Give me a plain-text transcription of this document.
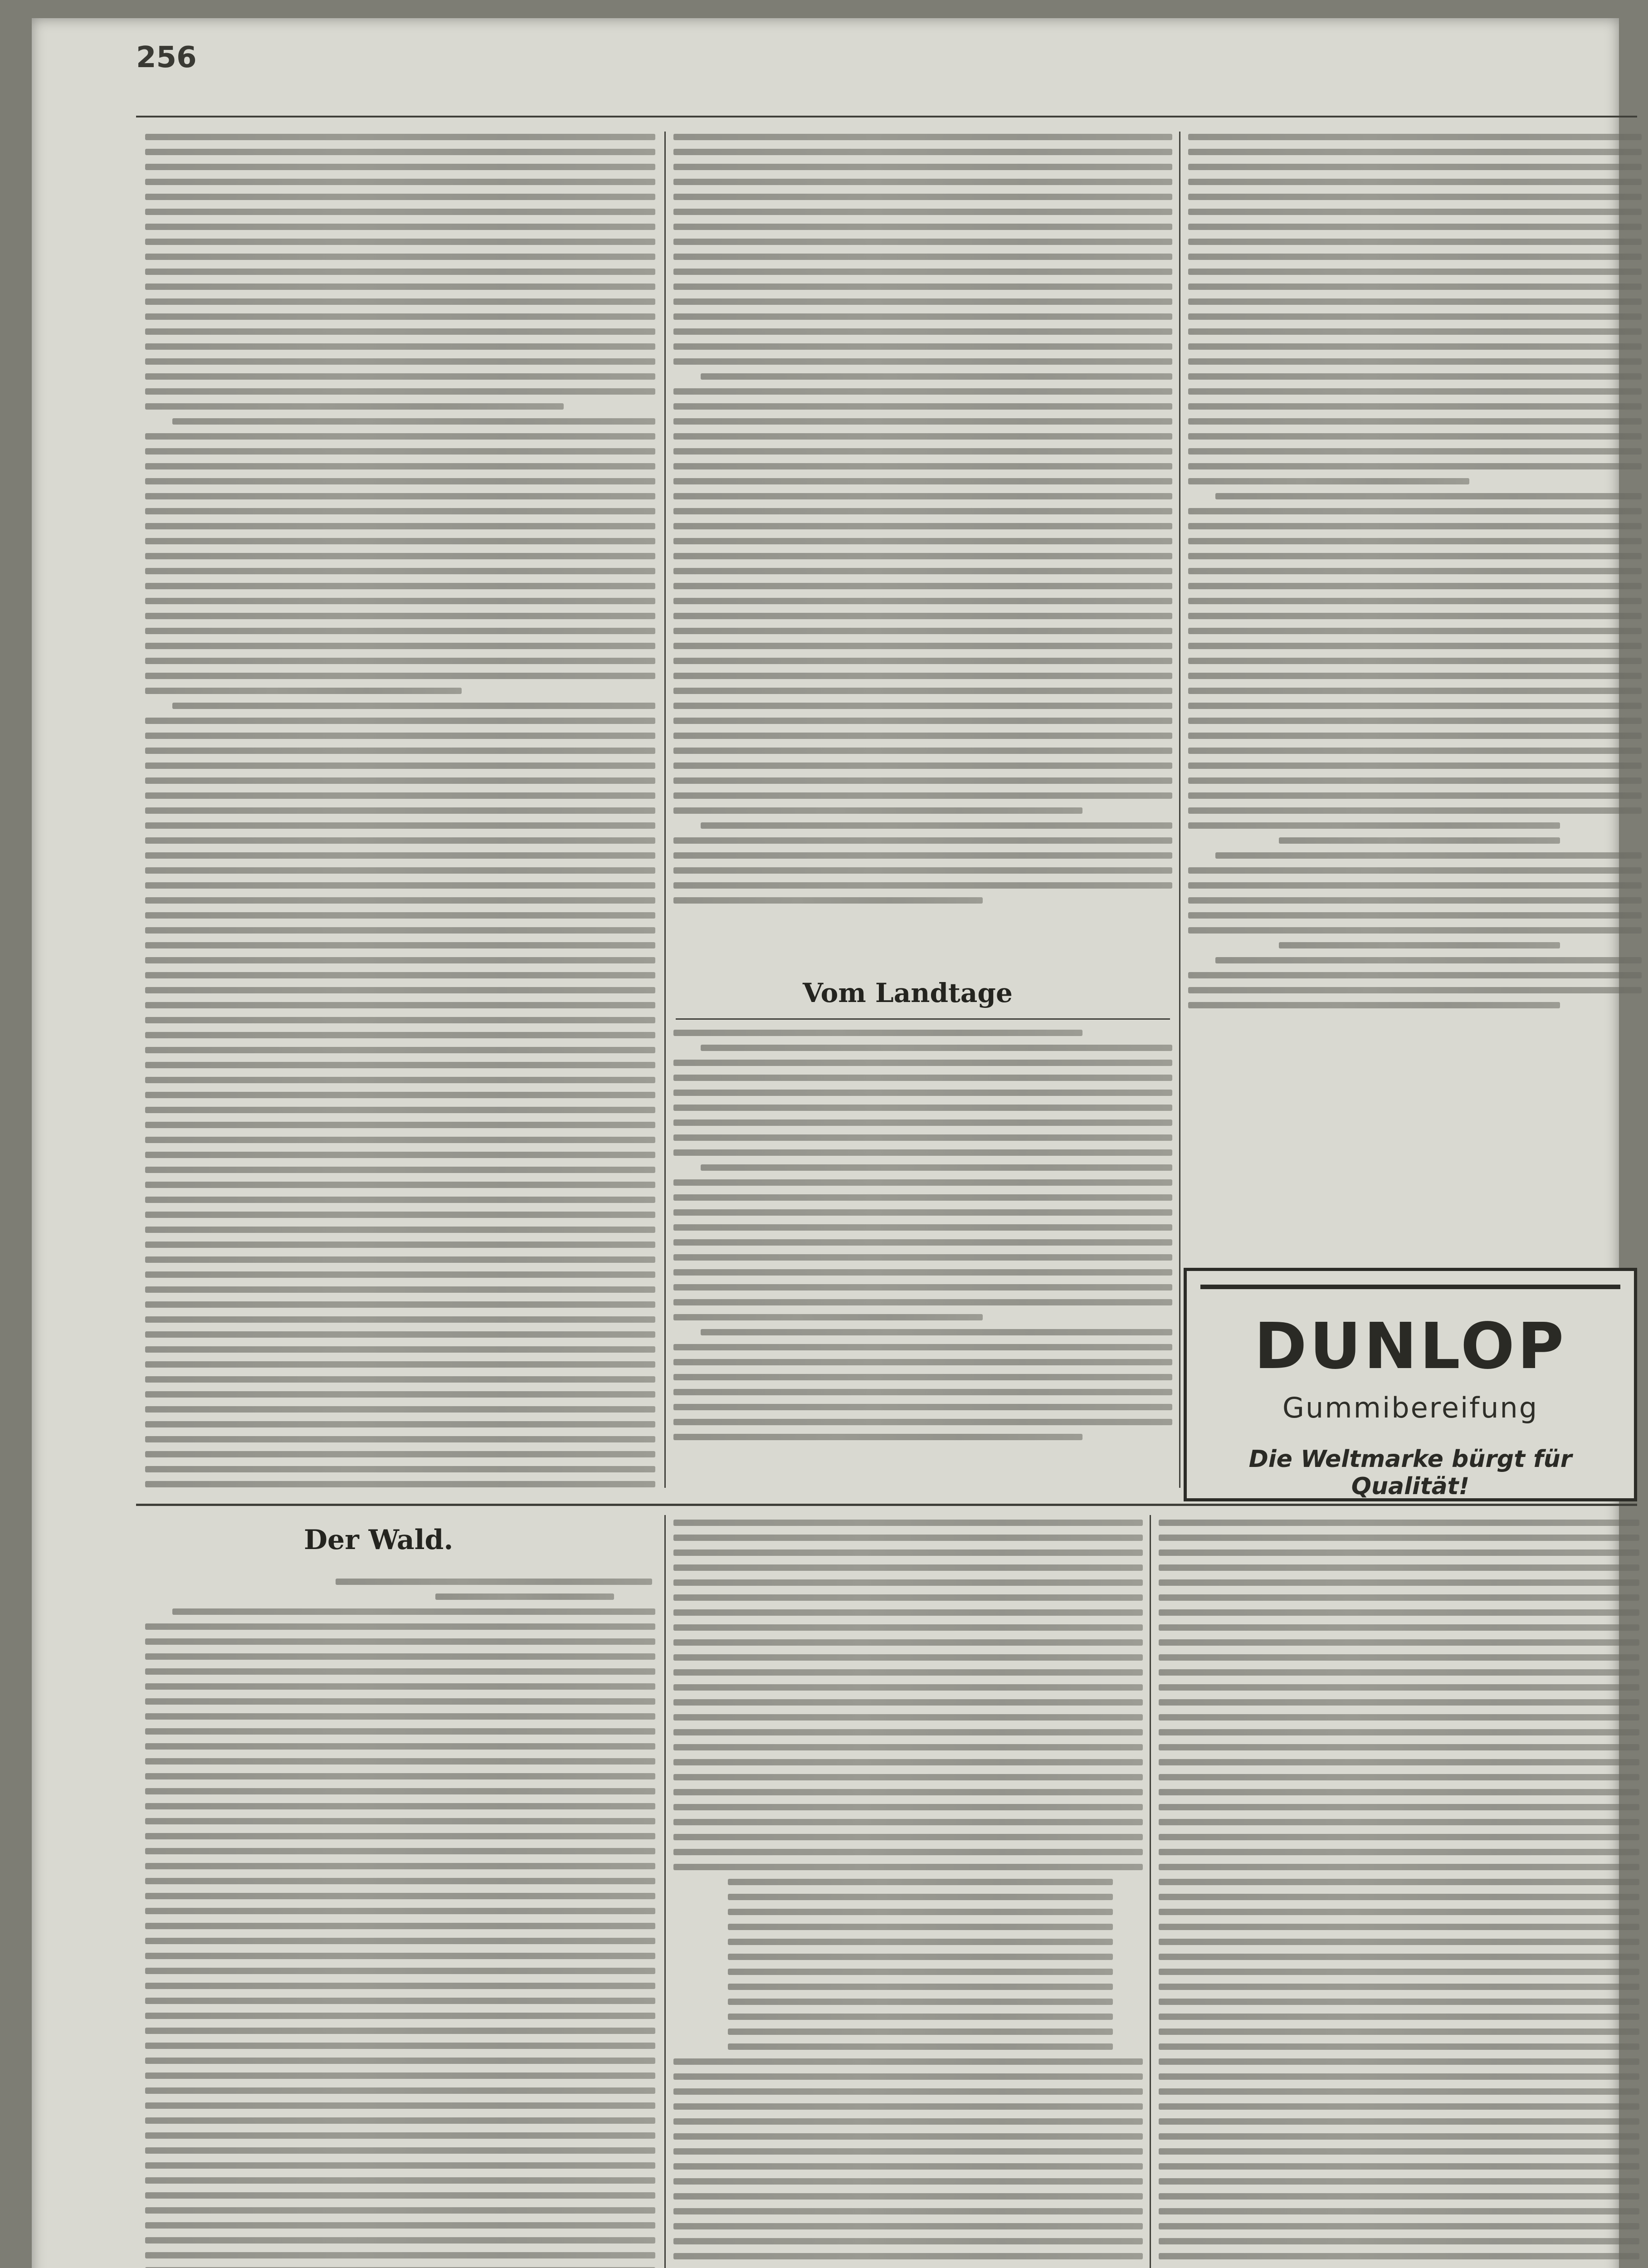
256
Vom Landtage
DUNLOP
Gummibereifung
Die Weltmarke bürgt für Qualität!
Der Wald.
